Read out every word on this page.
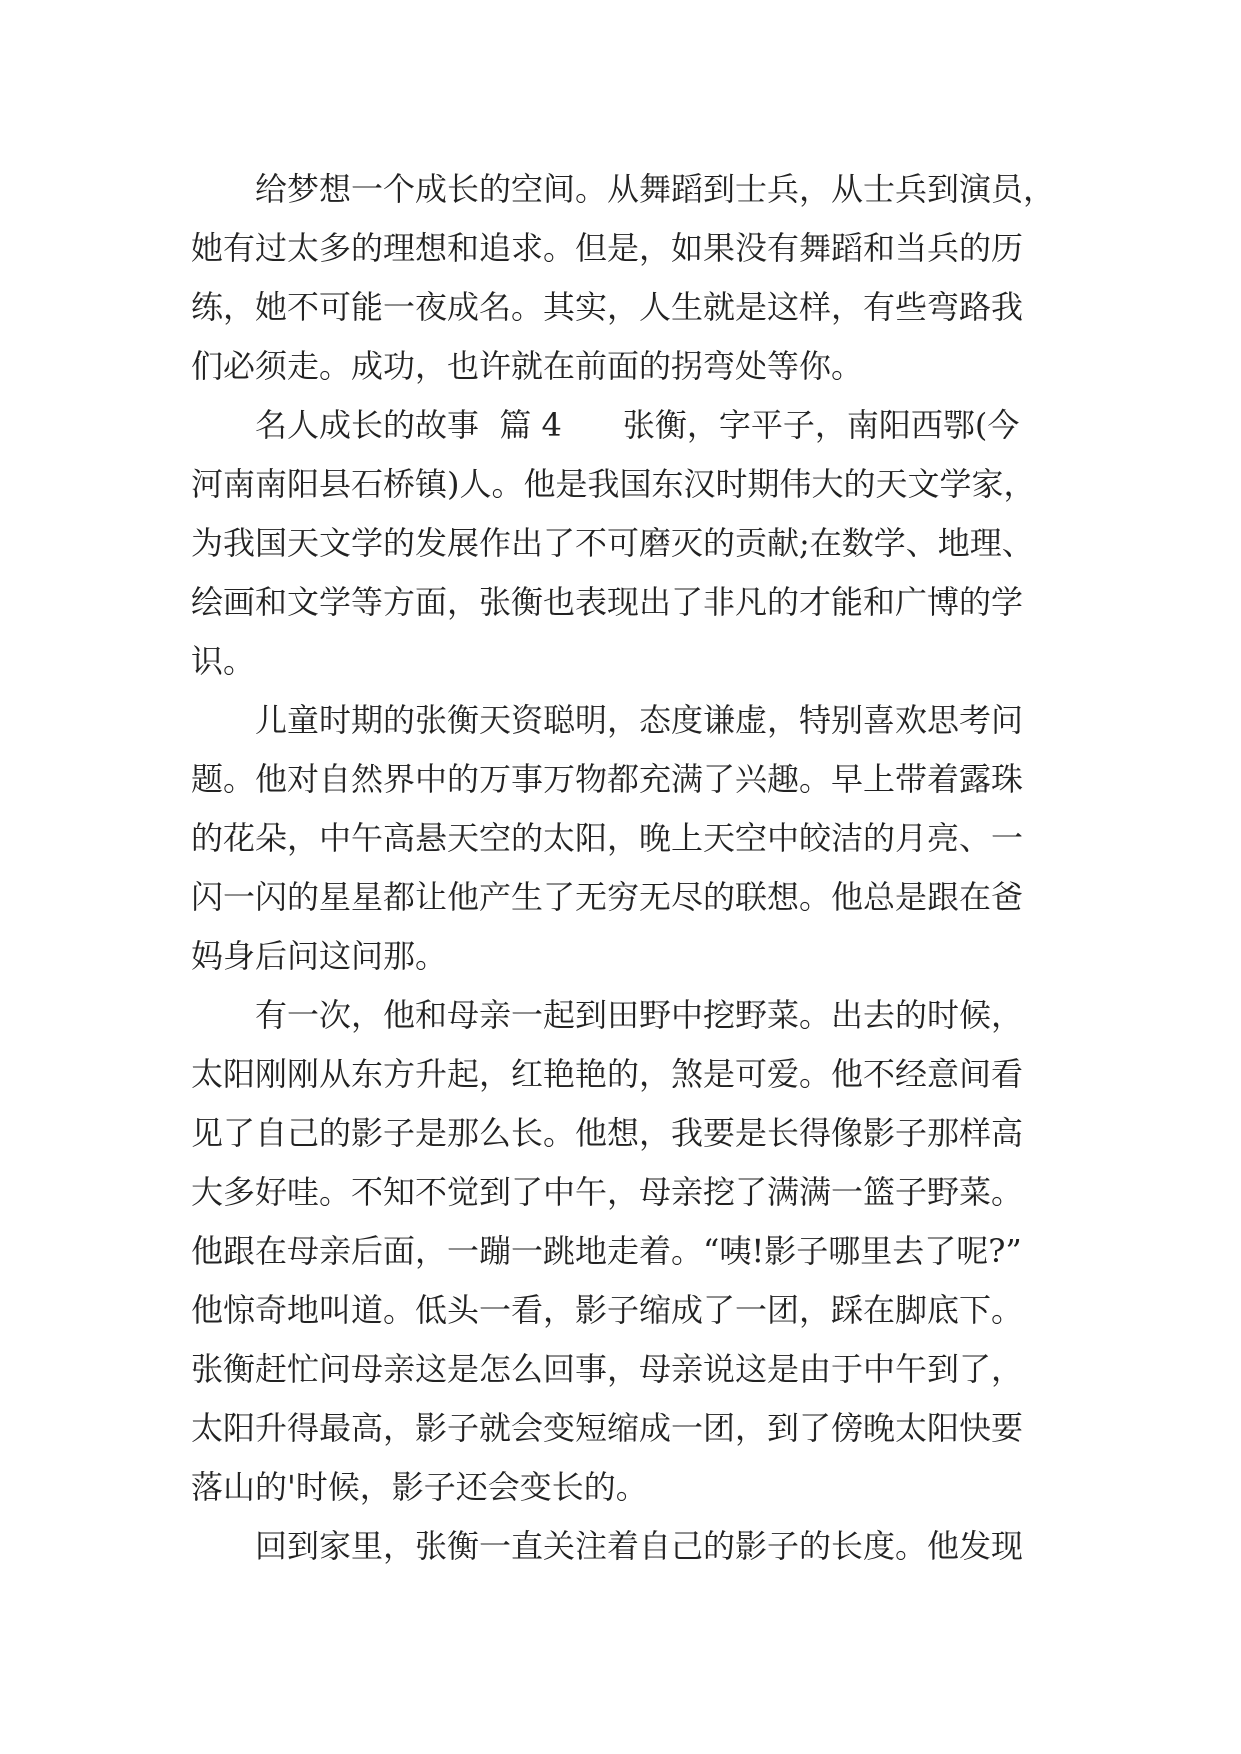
给梦想一个成长的空间。从舞蹈到士兵，从士兵到演员，
她有过太多的理想和追求。但是，如果没有舞蹈和当兵的历
练，她不可能一夜成名。其实，人生就是这样，有些弯路我
们必须走。成功，也许就在前面的拐弯处等你。
名人成长的故事  篇 4      张衡，字平子，南阳西鄂(今
河南南阳县石桥镇)人。他是我国东汉时期伟大的天文学家，
为我国天文学的发展作出了不可磨灭的贡献;在数学、地理、
绘画和文学等方面，张衡也表现出了非凡的才能和广博的学
识。
儿童时期的张衡天资聪明，态度谦虚，特别喜欢思考问
题。他对自然界中的万事万物都充满了兴趣。早上带着露珠
的花朵，中午高悬天空的太阳，晚上天空中皎洁的月亮、一
闪一闪的星星都让他产生了无穷无尽的联想。他总是跟在爸
妈身后问这问那。
有一次，他和母亲一起到田野中挖野菜。出去的时候，
太阳刚刚从东方升起，红艳艳的，煞是可爱。他不经意间看
见了自己的影子是那么长。他想，我要是长得像影子那样高
大多好哇。不知不觉到了中午，母亲挖了满满一篮子野菜。
他跟在母亲后面，一蹦一跳地走着。“咦!影子哪里去了呢?”
他惊奇地叫道。低头一看，影子缩成了一团，踩在脚底下。
张衡赶忙问母亲这是怎么回事，母亲说这是由于中午到了，
太阳升得最高，影子就会变短缩成一团，到了傍晚太阳快要
落山的'时候，影子还会变长的。
回到家里，张衡一直关注着自己的影子的长度。他发现
